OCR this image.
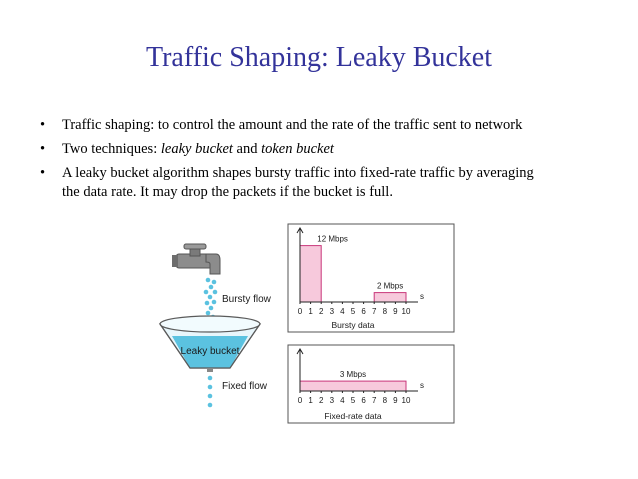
Traffic Shaping: Leaky Bucket
• Traffic shaping: to control the amount and the rate of the traffic sent to network
• Two techniques: leaky bucket and token bucket
• A leaky bucket algorithm shapes bursty traffic into fixed-rate traffic by averaging
the data rate. It may drop the packets if the bucket is full.
Leaky bucket
Bursty flow
Fixed flow
12 Mbps
2 Mbps
0 1 2 3 4 5 6 7 8 9 10
s
Bursty data
3 Mbps
0 1 2 3 4 5 6 7 8 9 10
s
Fixed-rate data
